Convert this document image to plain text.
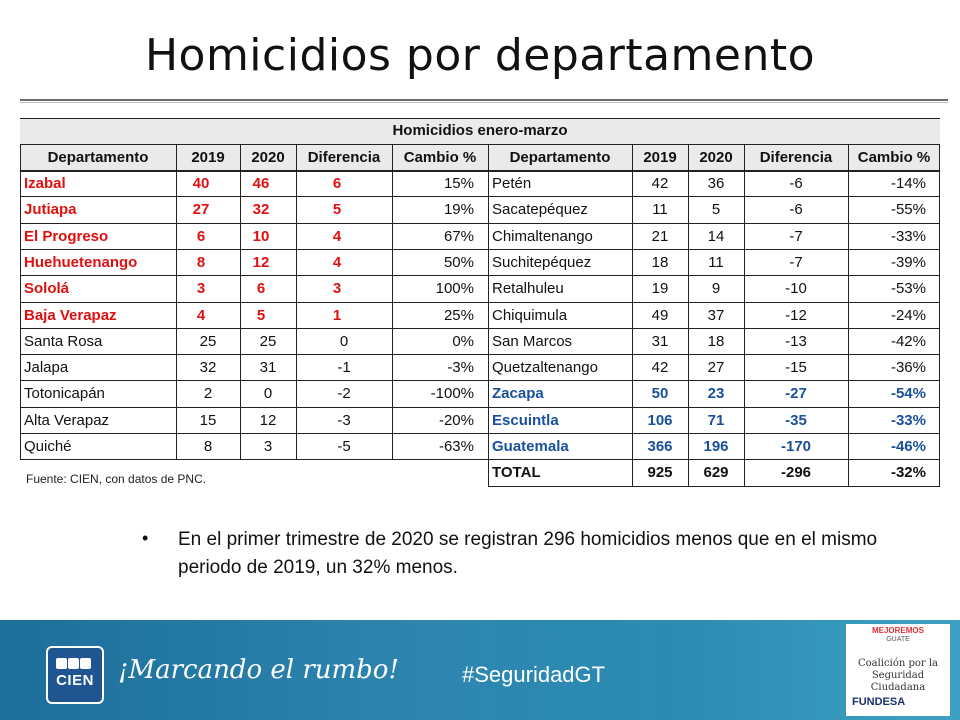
Homicidios por departamento
Homicidios enero-marzo
Fuente: CIEN, con datos de PNC.
Departamento	2019	2020	Diferencia	Cambio %	Departamento	2019	2020	Diferencia	Cambio %
Izabal	40	46	6	15%
Jutiapa	27	32	5	19%
El Progreso	6	10	4	67%
Huehuetenango	8	12	4	50%
Sololá	3	6	3	100%
Baja Verapaz	4	5	1	25%
Santa Rosa	25	25	0	0%
Jalapa	32	31	-1	-3%
Totonicapán	2	0	-2	-100%
Alta Verapaz	15	12	-3	-20%
Quiché	8	3	-5	-63%
Petén	42	36	-6	-14%
Sacatepéquez	11	5	-6	-55%
Chimaltenango	21	14	-7	-33%
Suchitepéquez	18	11	-7	-39%
Retalhuleu	19	9	-10	-53%
Chiquimula	49	37	-12	-24%
San Marcos	31	18	-13	-42%
Quetzaltenango	42	27	-15	-36%
Zacapa	50	23	-27	-54%
Escuintla	106	71	-35	-33%
Guatemala	366	196	-170	-46%
TOTAL	925	629	-296	-32%
• En el primer trimestre de 2020 se registran 296 homicidios menos que en el mismo periodo de 2019, un 32% menos.
CIEN ¡Marcando el rumbo!	#SeguridadGT
MEJOREMOS
GUATE
Coalición por la Seguridad Ciudadana
FUNDESA
